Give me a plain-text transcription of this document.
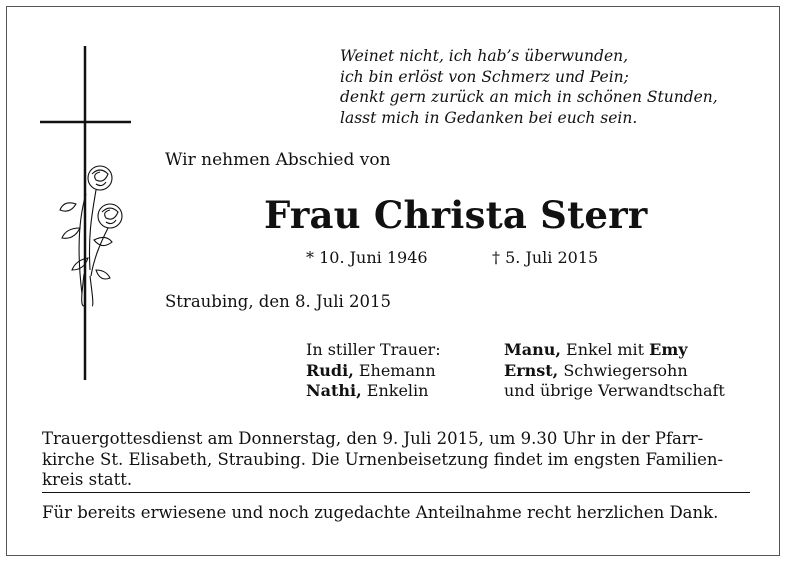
Weinet nicht, ich hab’s überwunden,
ich bin erlöst von Schmerz und Pein;
denkt gern zurück an mich in schönen Stunden,
lasst mich in Gedanken bei euch sein.
Wir nehmen Abschied von
Frau Christa Sterr
* 10. Juni 1946	† 5. Juli 2015
Straubing, den 8. Juli 2015
In stiller Trauer:
Rudi, Ehemann
Nathi, Enkelin
Manu, Enkel mit Emy
Ernst, Schwiegersohn
und übrige Verwandtschaft
Trauergottesdienst am Donnerstag, den 9. Juli 2015, um 9.30 Uhr in der Pfarr-
kirche St. Elisabeth, Straubing. Die Urnenbeisetzung findet im engsten Familien-
kreis statt.
Für bereits erwiesene und noch zugedachte Anteilnahme recht herzlichen Dank.
